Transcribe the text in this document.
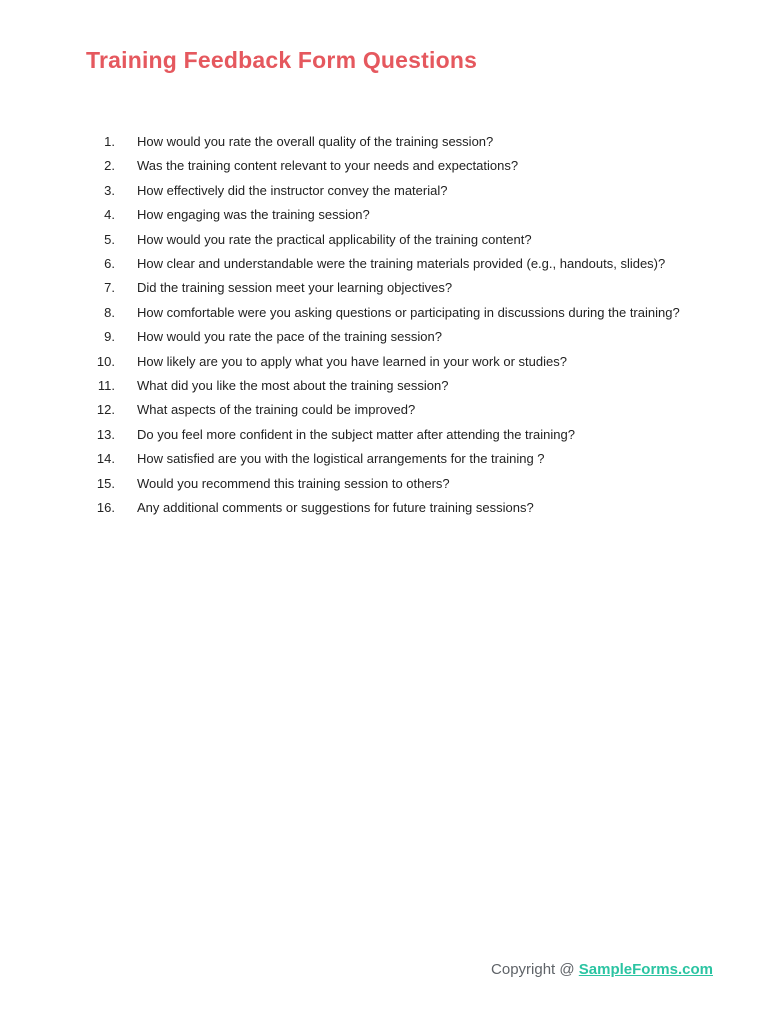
Training Feedback Form Questions
1. How would you rate the overall quality of the training session?
2. Was the training content relevant to your needs and expectations?
3. How effectively did the instructor convey the material?
4. How engaging was the training session?
5. How would you rate the practical applicability of the training content?
6. How clear and understandable were the training materials provided (e.g., handouts, slides)?
7. Did the training session meet your learning objectives?
8. How comfortable were you asking questions or participating in discussions during the training?
9. How would you rate the pace of the training session?
10. How likely are you to apply what you have learned in your work or studies?
11. What did you like the most about the training session?
12. What aspects of the training could be improved?
13. Do you feel more confident in the subject matter after attending the training?
14. How satisfied are you with the logistical arrangements for the training ?
15. Would you recommend this training session to others?
16. Any additional comments or suggestions for future training sessions?
Copyright @ SampleForms.com
